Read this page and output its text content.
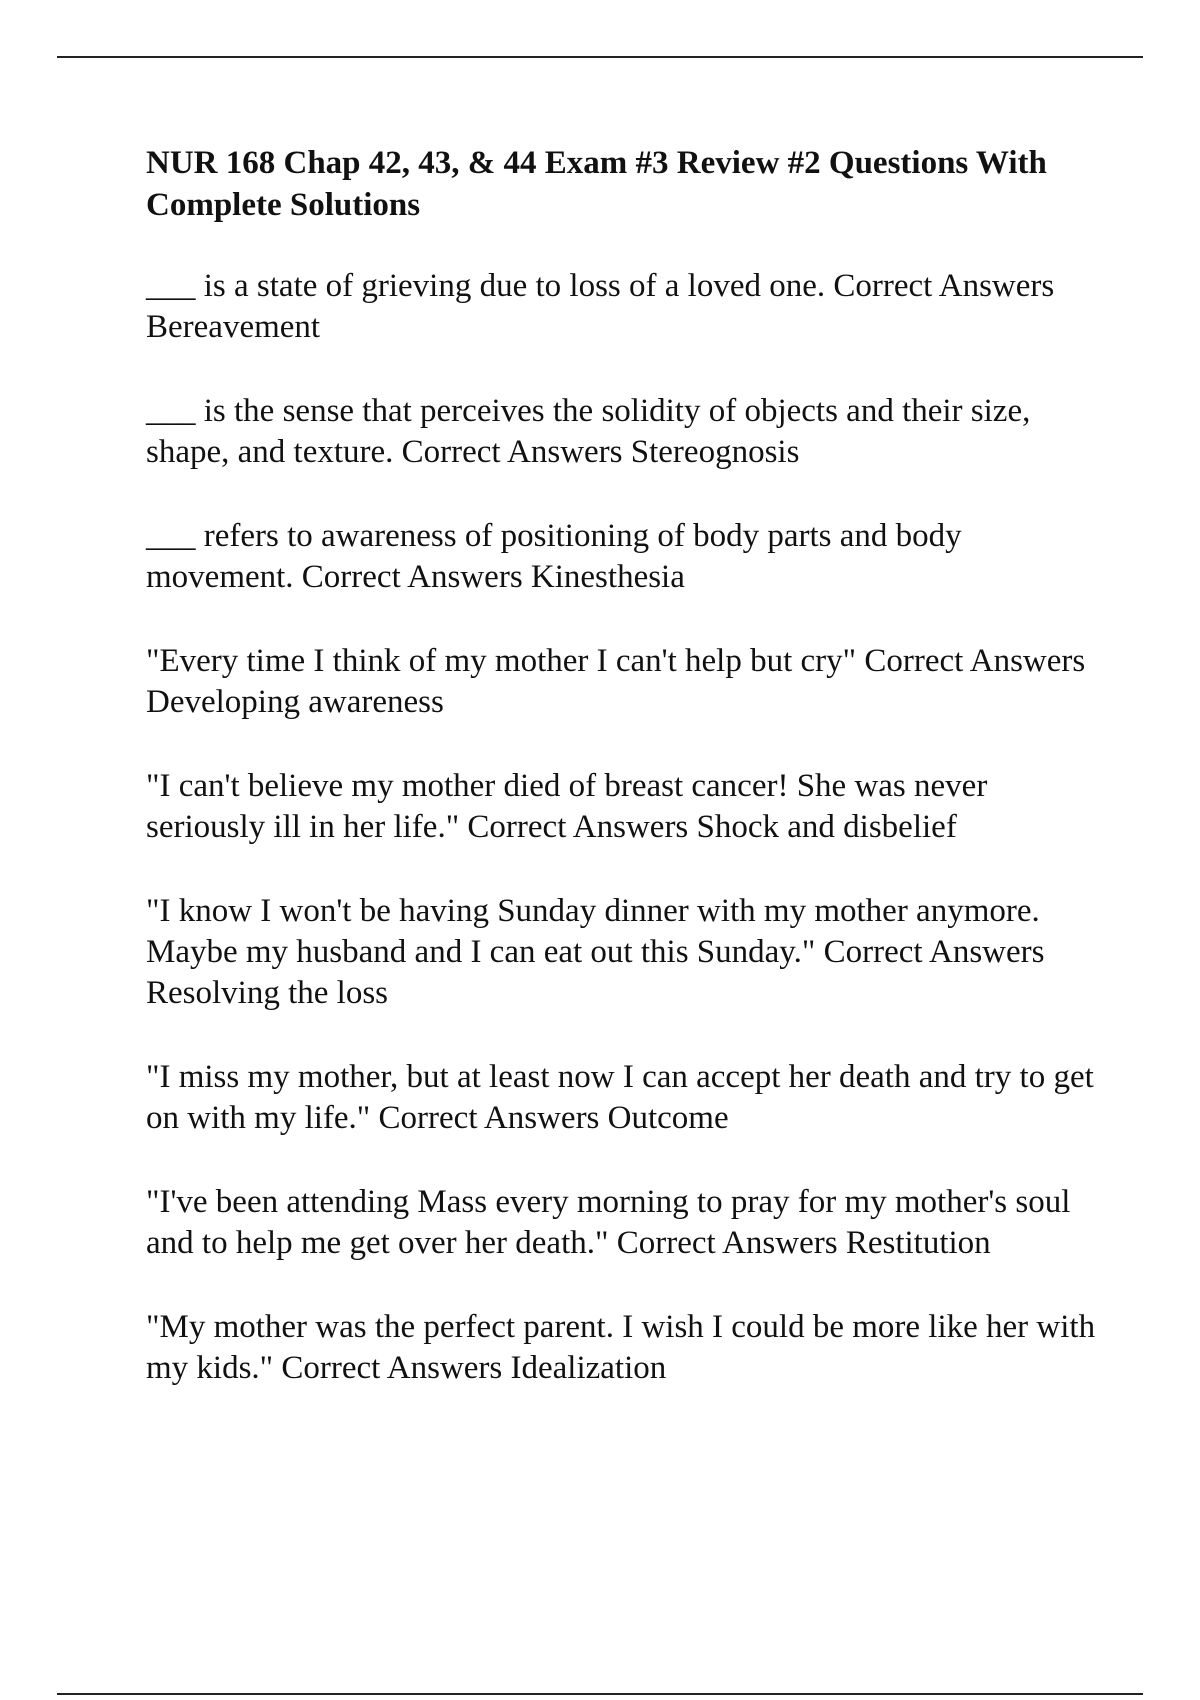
NUR 168 Chap 42, 43, & 44 Exam #3 Review #2 Questions With Complete Solutions
___ is a state of grieving due to loss of a loved one. Correct Answers Bereavement
___ is the sense that perceives the solidity of objects and their size, shape, and texture. Correct Answers Stereognosis
___ refers to awareness of positioning of body parts and body movement. Correct Answers Kinesthesia
"Every time I think of my mother I can't help but cry" Correct Answers Developing awareness
"I can't believe my mother died of breast cancer! She was never seriously ill in her life." Correct Answers Shock and disbelief
"I know I won't be having Sunday dinner with my mother anymore. Maybe my husband and I can eat out this Sunday." Correct Answers Resolving the loss
"I miss my mother, but at least now I can accept her death and try to get on with my life." Correct Answers Outcome
"I've been attending Mass every morning to pray for my mother's soul and to help me get over her death." Correct Answers Restitution
"My mother was the perfect parent. I wish I could be more like her with my kids." Correct Answers Idealization
